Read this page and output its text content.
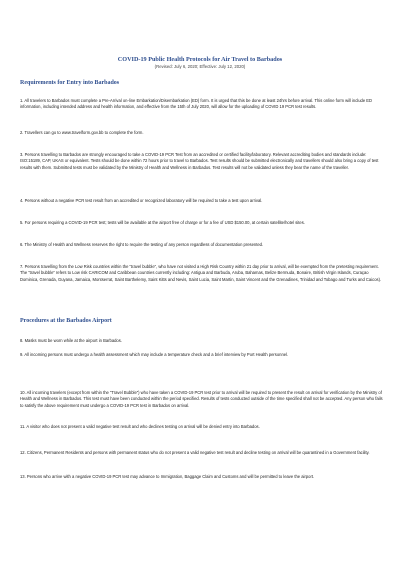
COVID-19 Public Health Protocols for Air Travel to Barbados
(Revised: July 6, 2020; Effective: July 12, 2020)
Requirements for Entry into Barbados
1. All travelers to Barbados must complete a Pre-Arrival on-line Embarkation/Disembarkation (ED) form. It is urged that this be done at least 24hrs before arrival. This online form will include ED information, including intended address and health information, and effective from the 15th of July 2020, will allow for the uploading of COVID 19 PCR test results.
2. Travellers can go to www.travelform.gov.bb to complete the form.
3. Persons travelling to Barbados are strongly encouraged to take a COVID-19 PCR Test from an accredited or certified facility/laboratory. Relevant accrediting bodies and standards include: ISO:15189, CAP, UKAS or equivalent. Tests should be done within 72 hours prior to travel to Barbados. Test results should be submitted electronically and travellers should also bring a copy of test results with them. Submitted tests must be validated by the Ministry of Health and Wellness in Barbados. Test results will not be validated unless they bear the name of the traveller.
4. Persons without a negative PCR test result from an accredited or recognized laboratory will be required to take a test upon arrival.
5. For persons requiring a COVID-19 PCR test; tests will be available at the airport free of charge or for a fee of USD $150.00, at certain satellite/hotel sites.
6. The Ministry of Health and Wellness reserves the right to require the testing of any person regardless of documentation presented.
7. Persons travelling from the Low Risk countries within the “travel bubble”, who have not visited a High Risk Country within 21 day prior to arrival, will be exempted from the pretesting requirement. The “travel bubble” refers to Low risk CARICOM and Caribbean countries currently including: Antigua and Barbuda, Aruba, Bahamas, Belize Bermuda, Bonaire, British Virgin Islands, Curaçao Dominica, Grenada, Guyana, Jamaica, Montserrat, Saint Barthelemy, Saint Kitts and Nevis, Saint Lucia, Saint Martin, Saint Vincent and the Grenadines, Trinidad and Tobago and Turks and Caicos).
Procedures at the Barbados Airport
8. Masks must be worn while at the airport in Barbados.
9. All incoming persons must undergo a health assessment which may include a temperature check and a brief interview by Port Health personnel.
10. All incoming travelers (except from within the “Travel Bubble”) who have taken a COVID-19 PCR test prior to arrival will be required to present the result on arrival for verification by the Ministry of Health and Wellness in Barbados. This test must have been conducted within the period specified. Results of tests conducted outside of the time specified shall not be accepted. Any person who fails to satisfy the above requirement must undergo a COVID-19 PCR test in Barbados on arrival.
11. A visitor who does not present a valid negative test result and who declines testing on arrival will be denied entry into Barbados.
12. Citizens, Permanent Residents and persons with permanent status who do not present a valid negative test result and decline testing on arrival will be quarantined in a Government facility.
13. Persons who arrive with a negative COVID-19 PCR test may advance to Immigration, Baggage Claim and Customs and will be permitted to leave the airport.
